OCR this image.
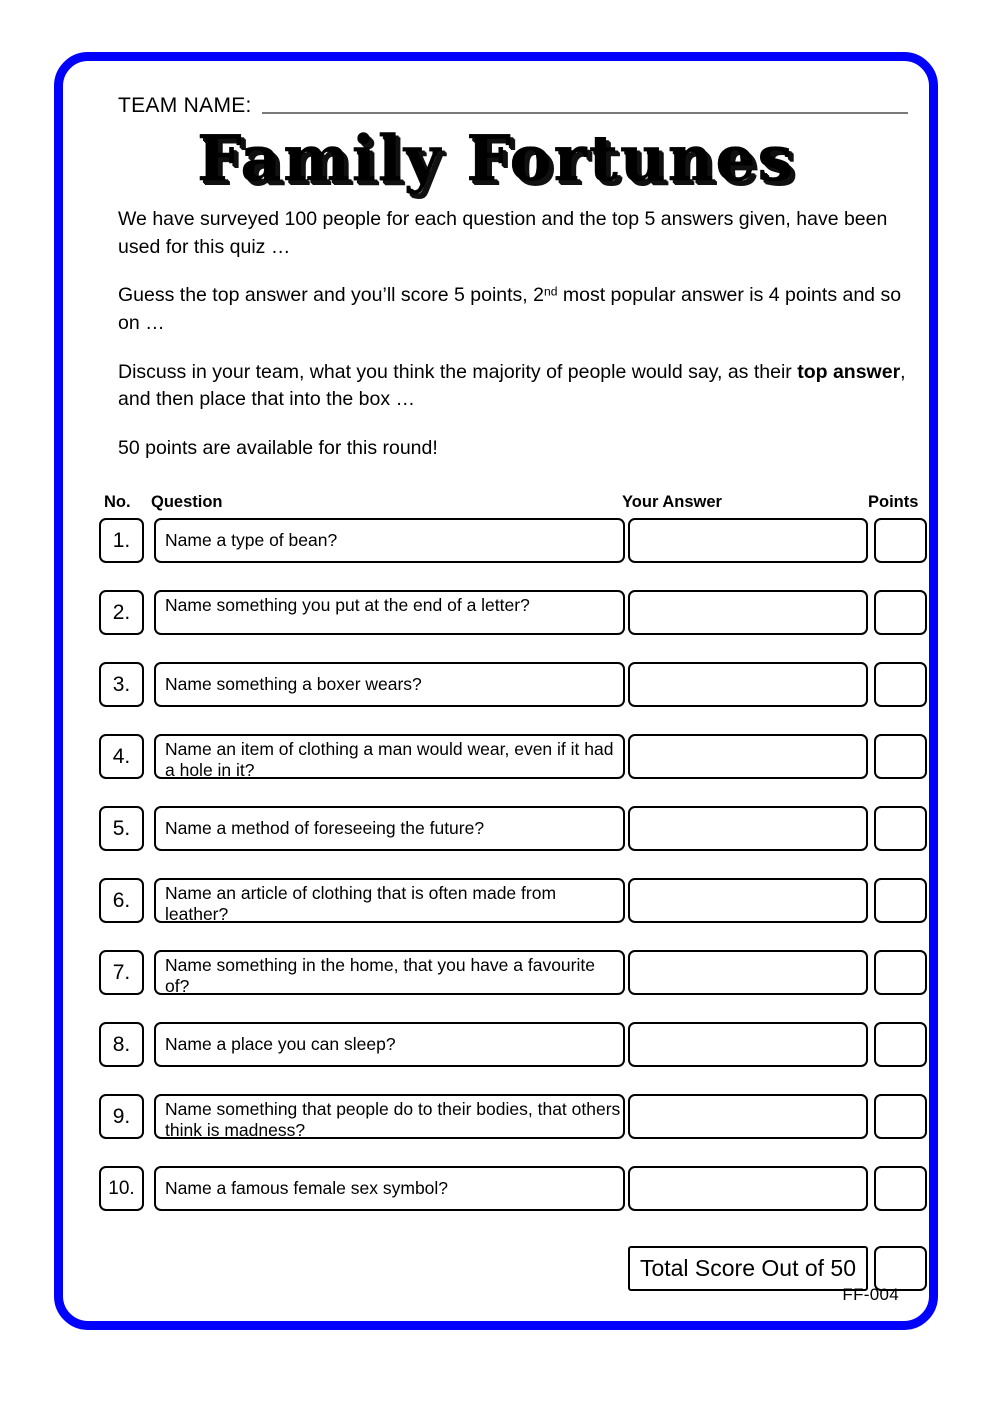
TEAM NAME:
Family Fortunes

We have surveyed 100 people for each question and the top 5 answers given, have been used for this quiz …

Guess the top answer and you’ll score 5 points, 2nd most popular answer is 4 points and so on …

Discuss in your team, what you think the majority of people would say, as their top answer, and then place that into the box …

50 points are available for this round!

No. Question	Your Answer	Points
1.	Name a type of bean?
2.	Name something you put at the end of a letter?
3.	Name something a boxer wears?
4.	Name an item of clothing a man would wear, even if it had a hole in it?
5.	Name a method of foreseeing the future?
6.	Name an article of clothing that is often made from leather?
7.	Name something in the home, that you have a favourite of?
8.	Name a place you can sleep?
9.	Name something that people do to their bodies, that others think is madness?
10.	Name a famous female sex symbol?
Total Score Out of 50
FF-004
